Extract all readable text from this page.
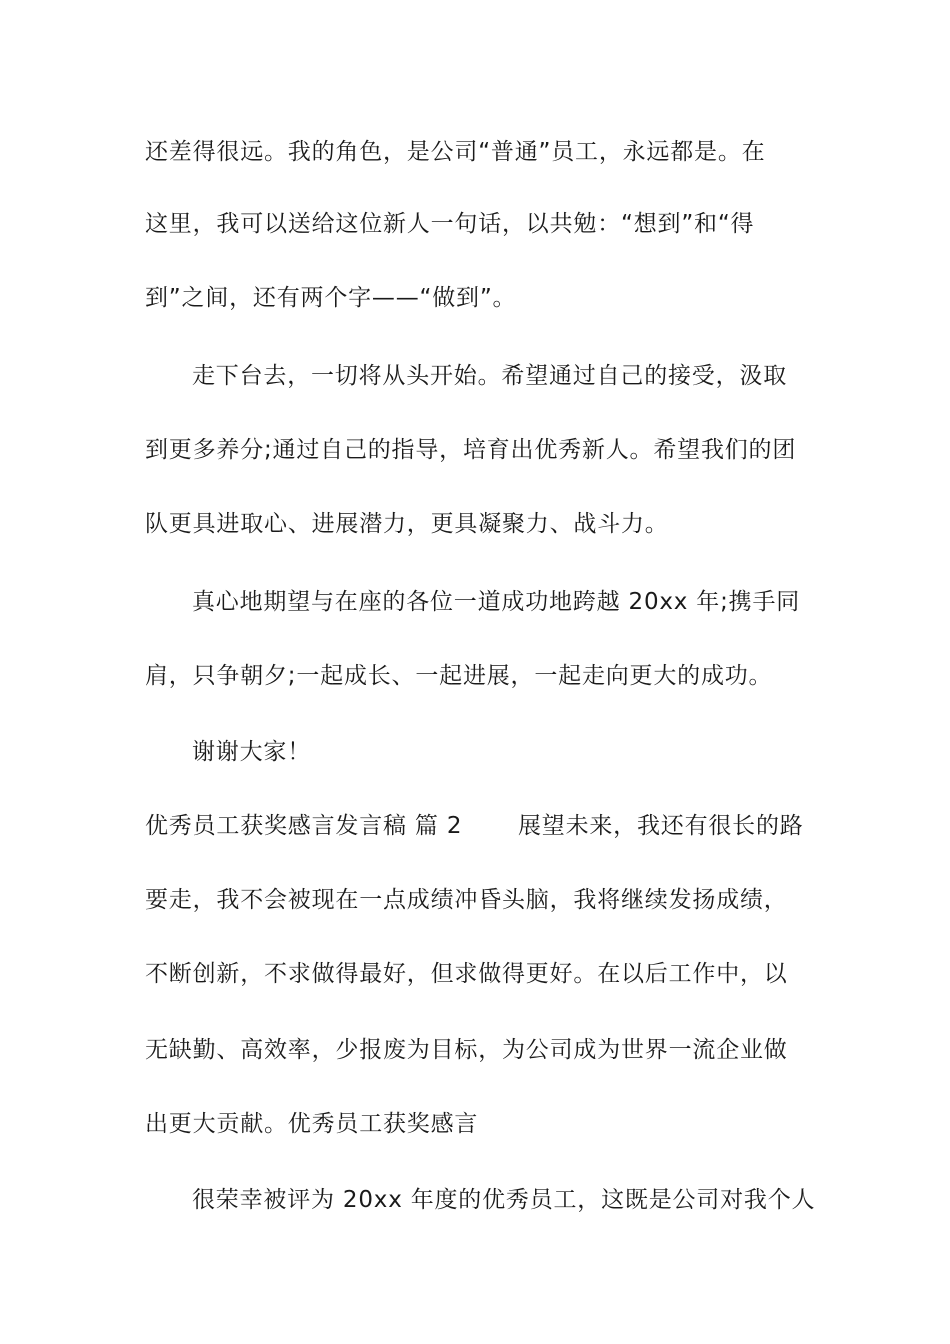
还差得很远。我的角色，是公司“普通”员工，永远都是。在
这里，我可以送给这位新人一句话，以共勉：“想到”和“得
到”之间，还有两个字——“做到”。
走下台去，一切将从头开始。希望通过自己的接受，汲取
到更多养分;通过自己的指导，培育出优秀新人。希望我们的团
队更具进取心、进展潜力，更具凝聚力、战斗力。
真心地期望与在座的各位一道成功地跨越 20xx 年;携手同
肩，只争朝夕;一起成长、一起进展，一起走向更大的成功。
谢谢大家！
优秀员工获奖感言发言稿 篇 2　　 展望未来，我还有很长的路
要走，我不会被现在一点成绩冲昏头脑，我将继续发扬成绩，
不断创新，不求做得最好，但求做得更好。在以后工作中，以
无缺勤、高效率，少报废为目标，为公司成为世界一流企业做
出更大贡献。优秀员工获奖感言
很荣幸被评为 20xx 年度的优秀员工，这既是公司对我个人
